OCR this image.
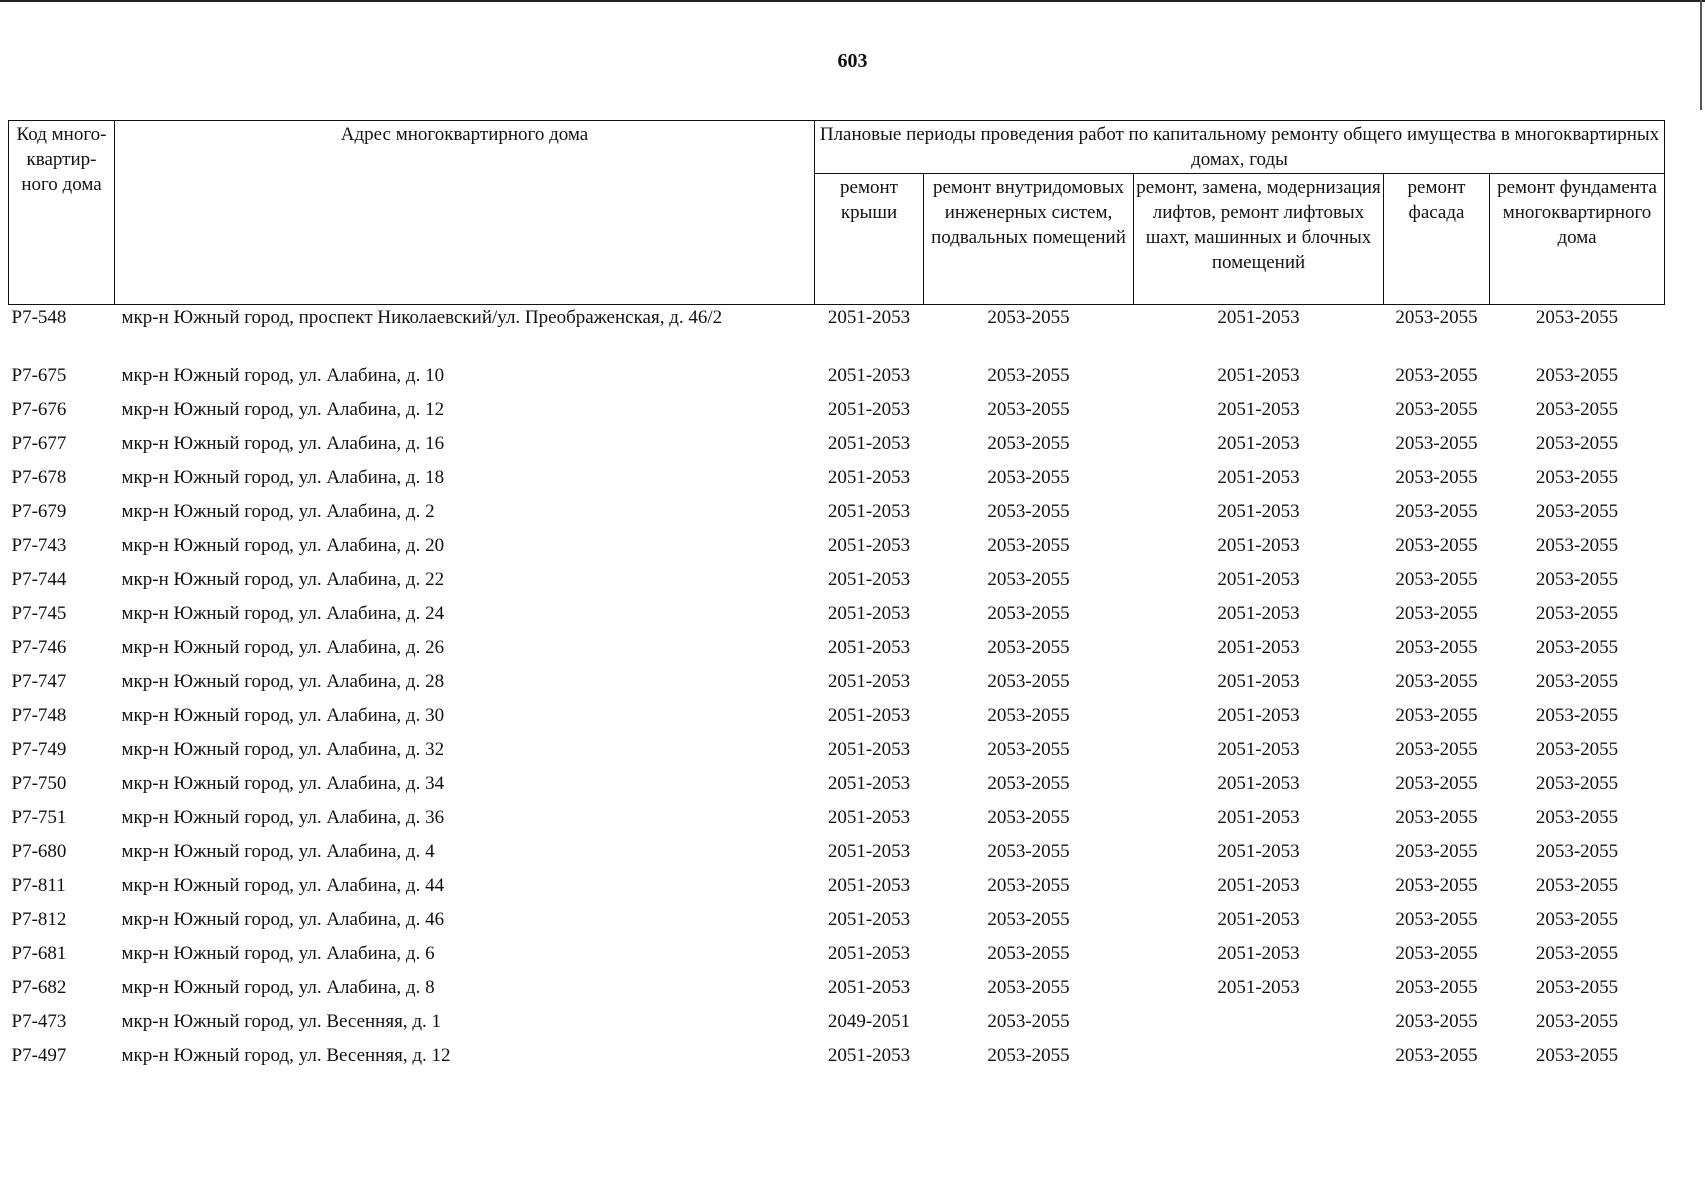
603
Код много-квартир-ного дома	Адрес многоквартирного дома	Плановые периоды проведения работ по капитальному ремонту общего имущества в многоквартирных домах, годы				
		ремонт крыши	ремонт внутридомовых инженерных систем, подвальных помещений	ремонт, замена, модернизация лифтов, ремонт лифтовых шахт, машинных и блочных помещений	ремонт фасада	ремонт фундамента многоквартирного дома
Р7-548	мкр-н Южный город, проспект Николаевский/ул. Преображенская, д. 46/2	2051-2053	2053-2055	2051-2053	2053-2055	2053-2055

Р7-675	мкр-н Южный город, ул. Алабина, д. 10	2051-2053	2053-2055	2051-2053	2053-2055	2053-2055
Р7-676	мкр-н Южный город, ул. Алабина, д. 12	2051-2053	2053-2055	2051-2053	2053-2055	2053-2055
Р7-677	мкр-н Южный город, ул. Алабина, д. 16	2051-2053	2053-2055	2051-2053	2053-2055	2053-2055
Р7-678	мкр-н Южный город, ул. Алабина, д. 18	2051-2053	2053-2055	2051-2053	2053-2055	2053-2055
Р7-679	мкр-н Южный город, ул. Алабина, д. 2	2051-2053	2053-2055	2051-2053	2053-2055	2053-2055
Р7-743	мкр-н Южный город, ул. Алабина, д. 20	2051-2053	2053-2055	2051-2053	2053-2055	2053-2055
Р7-744	мкр-н Южный город, ул. Алабина, д. 22	2051-2053	2053-2055	2051-2053	2053-2055	2053-2055
Р7-745	мкр-н Южный город, ул. Алабина, д. 24	2051-2053	2053-2055	2051-2053	2053-2055	2053-2055
Р7-746	мкр-н Южный город, ул. Алабина, д. 26	2051-2053	2053-2055	2051-2053	2053-2055	2053-2055
Р7-747	мкр-н Южный город, ул. Алабина, д. 28	2051-2053	2053-2055	2051-2053	2053-2055	2053-2055
Р7-748	мкр-н Южный город, ул. Алабина, д. 30	2051-2053	2053-2055	2051-2053	2053-2055	2053-2055
Р7-749	мкр-н Южный город, ул. Алабина, д. 32	2051-2053	2053-2055	2051-2053	2053-2055	2053-2055
Р7-750	мкр-н Южный город, ул. Алабина, д. 34	2051-2053	2053-2055	2051-2053	2053-2055	2053-2055
Р7-751	мкр-н Южный город, ул. Алабина, д. 36	2051-2053	2053-2055	2051-2053	2053-2055	2053-2055
Р7-680	мкр-н Южный город, ул. Алабина, д. 4	2051-2053	2053-2055	2051-2053	2053-2055	2053-2055
Р7-811	мкр-н Южный город, ул. Алабина, д. 44	2051-2053	2053-2055	2051-2053	2053-2055	2053-2055
Р7-812	мкр-н Южный город, ул. Алабина, д. 46	2051-2053	2053-2055	2051-2053	2053-2055	2053-2055
Р7-681	мкр-н Южный город, ул. Алабина, д. 6	2051-2053	2053-2055	2051-2053	2053-2055	2053-2055
Р7-682	мкр-н Южный город, ул. Алабина, д. 8	2051-2053	2053-2055	2051-2053	2053-2055	2053-2055
Р7-473	мкр-н Южный город, ул. Весенняя, д. 1	2049-2051	2053-2055		2053-2055	2053-2055
Р7-497	мкр-н Южный город, ул. Весенняя, д. 12	2051-2053	2053-2055		2053-2055	2053-2055
